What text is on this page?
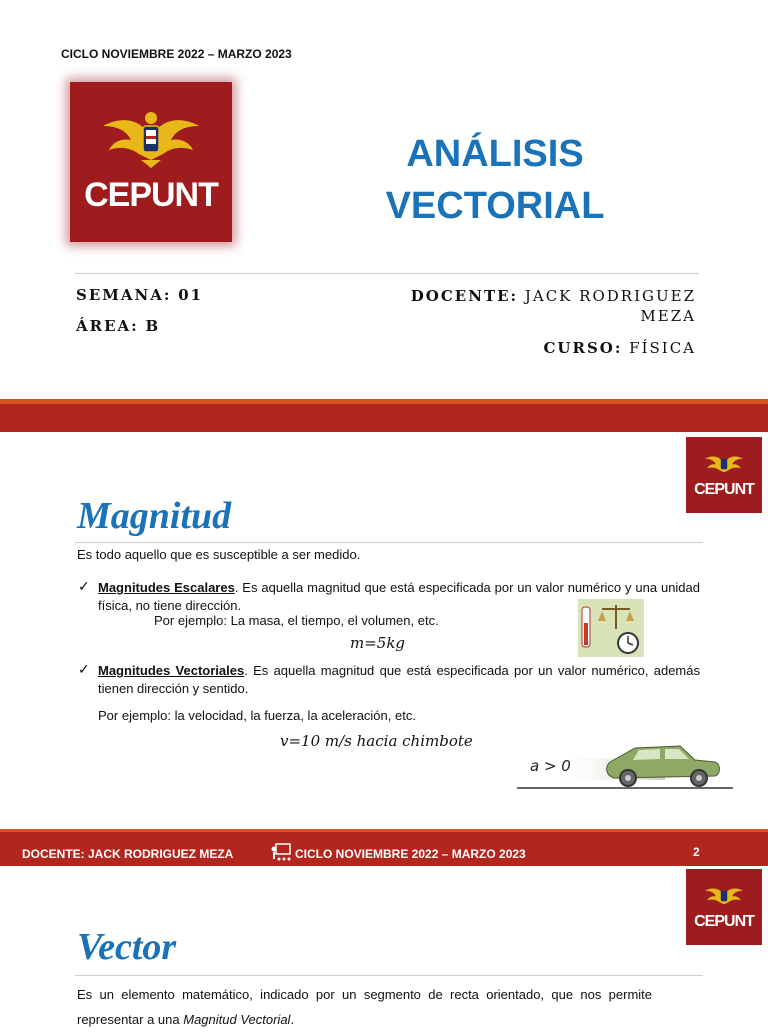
CICLO NOVIEMBRE 2022 – MARZO 2023
CEPUNT
ANÁLISIS
VECTORIAL
SEMANA: 01
ÁREA: B
DOCENTE: JACK RODRIGUEZ
MEZA
CURSO: FÍSICA
CEPUNT
Magnitud
Es todo aquello que es susceptible a ser medido.
✓ Magnitudes Escalares. Es aquella magnitud que está especificada por un valor numérico y una unidad física, no tiene dirección.
Por ejemplo: La masa, el tiempo, el volumen, etc.
m=5kg
✓ Magnitudes Vectoriales. Es aquella magnitud que está especificada por un valor numérico, además tienen dirección y sentido.
Por ejemplo: la velocidad, la fuerza, la aceleración, etc.
v=10 m/s hacia chimbote
a > 0
DOCENTE: JACK RODRIGUEZ MEZA	CICLO NOVIEMBRE 2022 – MARZO 2023	2
CEPUNT
Vector
Es un elemento matemático, indicado por un segmento de recta orientado, que nos permite representar a una Magnitud Vectorial.
